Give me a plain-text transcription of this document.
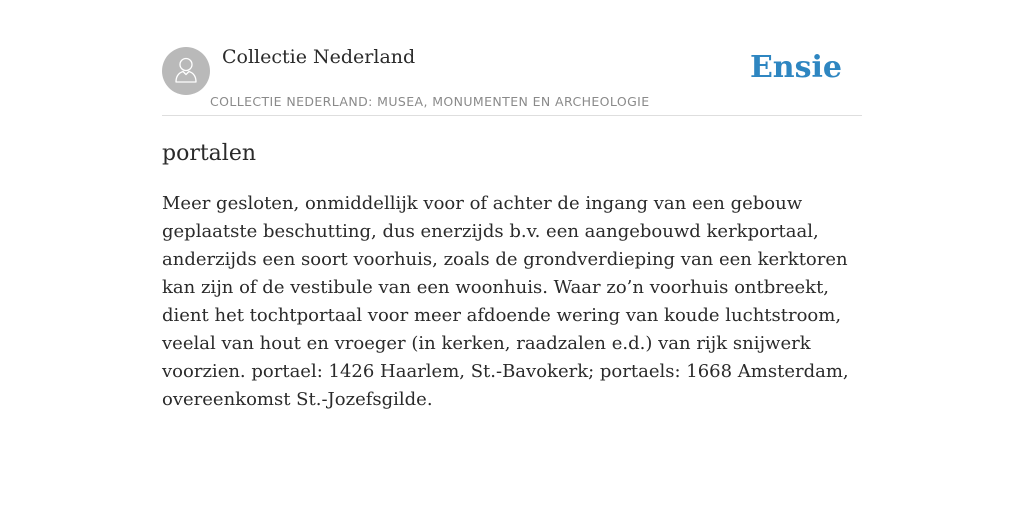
Collectie Nederland
COLLECTIE NEDERLAND: MUSEA, MONUMENTEN EN ARCHEOLOGIE
Ensie
portalen

Meer gesloten, onmiddellijk voor of achter de ingang van een gebouw geplaatste beschutting, dus enerzijds b.v. een aangebouwd kerkportaal, anderzijds een soort voorhuis, zoals de grondverdieping van een kerktoren kan zijn of de vestibule van een woonhuis. Waar zo’n voorhuis ontbreekt, dient het tochtportaal voor meer afdoende wering van koude luchtstroom, veelal van hout en vroeger (in kerken, raadzalen e.d.) van rijk snijwerk voorzien. portael: 1426 Haarlem, St.-Bavokerk; portaels: 1668 Amsterdam, overeenkomst St.-Jozefsgilde.
